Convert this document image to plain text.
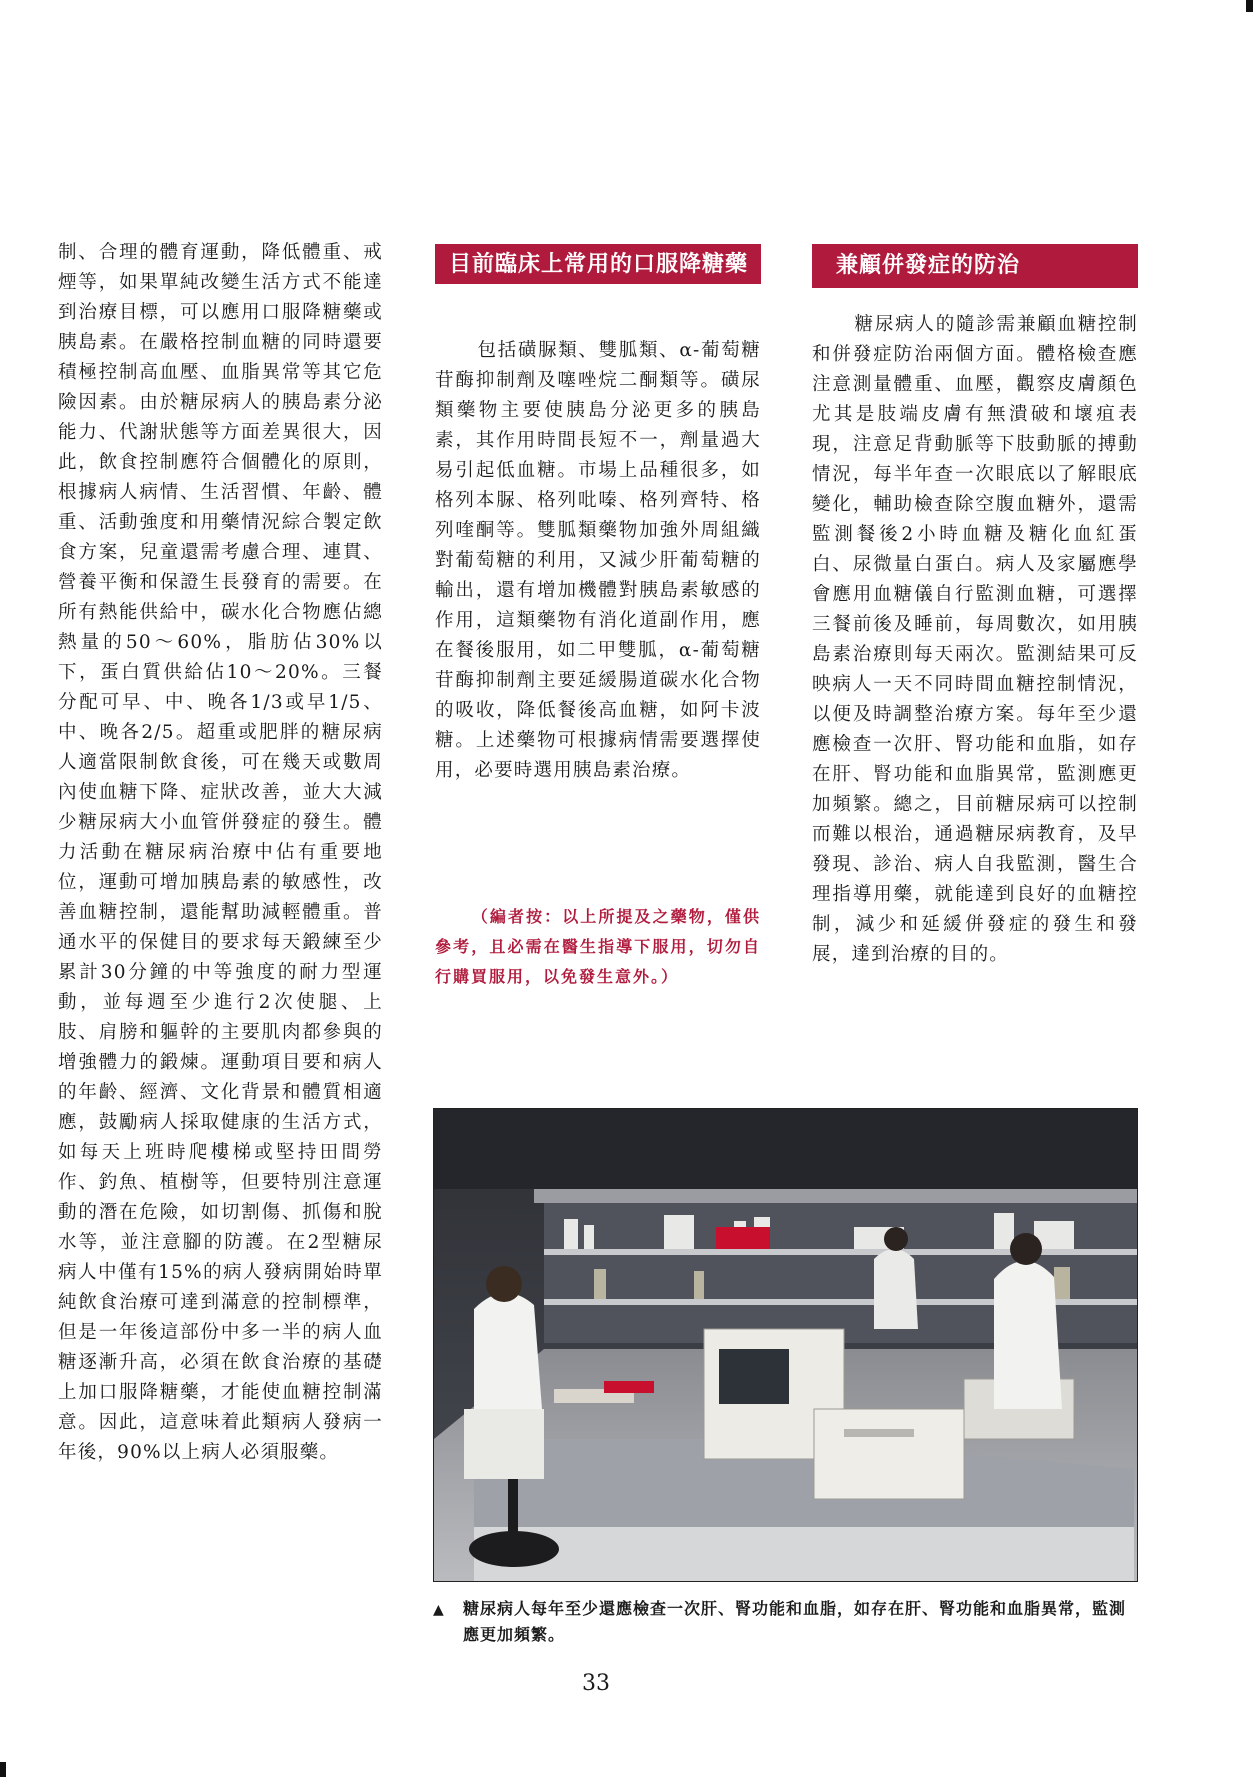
制、合理的體育運動，降低體重、戒煙等，如果單純改變生活方式不能達到治療目標，可以應用口服降糖藥或胰島素。在嚴格控制血糖的同時還要積極控制高血壓、血脂異常等其它危險因素。由於糖尿病人的胰島素分泌能力、代謝狀態等方面差異很大，因此，飲食控制應符合個體化的原則，根據病人病情、生活習慣、年齡、體重、活動強度和用藥情況綜合製定飲食方案，兒童還需考慮合理、連貫、營養平衡和保證生長發育的需要。在所有熱能供給中，碳水化合物應佔總熱量的50～60%，脂肪佔30%以下，蛋白質供給佔10～20%。三餐分配可早、中、晚各1/3或早1/5、中、晚各2/5。超重或肥胖的糖尿病人適當限制飲食後，可在幾天或數周內使血糖下降、症狀改善，並大大減少糖尿病大小血管併發症的發生。體力活動在糖尿病治療中佔有重要地位，運動可增加胰島素的敏感性，改善血糖控制，還能幫助減輕體重。普通水平的保健目的要求每天鍛練至少累計30分鐘的中等強度的耐力型運動，並每週至少進行2次使腿、上肢、肩膀和軀幹的主要肌肉都參與的增強體力的鍛煉。運動項目要和病人的年齡、經濟、文化背景和體質相適應，鼓勵病人採取健康的生活方式，如每天上班時爬樓梯或堅持田間勞作、釣魚、植樹等，但要特別注意運動的潛在危險，如切割傷、抓傷和脫水等，並注意腳的防護。在2型糖尿病人中僅有15%的病人發病開始時單純飲食治療可達到滿意的控制標準，但是一年後這部份中多一半的病人血糖逐漸升高，必須在飲食治療的基礎上加口服降糖藥，才能使血糖控制滿意。因此，這意味着此類病人發病一年後，90%以上病人必須服藥。

目前臨床上常用的口服降糖藥

包括磺脲類、雙胍類、α-葡萄糖苷酶抑制劑及噻唑烷二酮類等。磺尿類藥物主要使胰島分泌更多的胰島素，其作用時間長短不一，劑量過大易引起低血糖。市場上品種很多，如格列本脲、格列吡嗪、格列齊特、格列喹酮等。雙胍類藥物加強外周組織對葡萄糖的利用，又減少肝葡萄糖的輸出，還有增加機體對胰島素敏感的作用，這類藥物有消化道副作用，應在餐後服用，如二甲雙胍，α-葡萄糖苷酶抑制劑主要延緩腸道碳水化合物的吸收，降低餐後高血糖，如阿卡波糖。上述藥物可根據病情需要選擇使用，必要時選用胰島素治療。

（編者按：以上所提及之藥物，僅供參考，且必需在醫生指導下服用，切勿自行購買服用，以免發生意外。）

兼顧併發症的防治

糖尿病人的隨診需兼顧血糖控制和併發症防治兩個方面。體格檢查應注意測量體重、血壓，觀察皮膚顏色尤其是肢端皮膚有無潰破和壞疽表現，注意足背動脈等下肢動脈的搏動情況，每半年查一次眼底以了解眼底變化，輔助檢查除空腹血糖外，還需監測餐後2小時血糖及糖化血紅蛋白、尿微量白蛋白。病人及家屬應學會應用血糖儀自行監測血糖，可選擇三餐前後及睡前，每周數次，如用胰島素治療則每天兩次。監測結果可反映病人一天不同時間血糖控制情況，以便及時調整治療方案。每年至少還應檢查一次肝、腎功能和血脂，如存在肝、腎功能和血脂異常，監測應更加頻繁。總之，目前糖尿病可以控制而難以根治，通過糖尿病教育，及早發現、診治、病人自我監測，醫生合理指導用藥，就能達到良好的血糖控制，減少和延緩併發症的發生和發展，達到治療的目的。

▲ 糖尿病人每年至少還應檢查一次肝、腎功能和血脂，如存在肝、腎功能和血脂異常，監測應更加頻繁。
33
